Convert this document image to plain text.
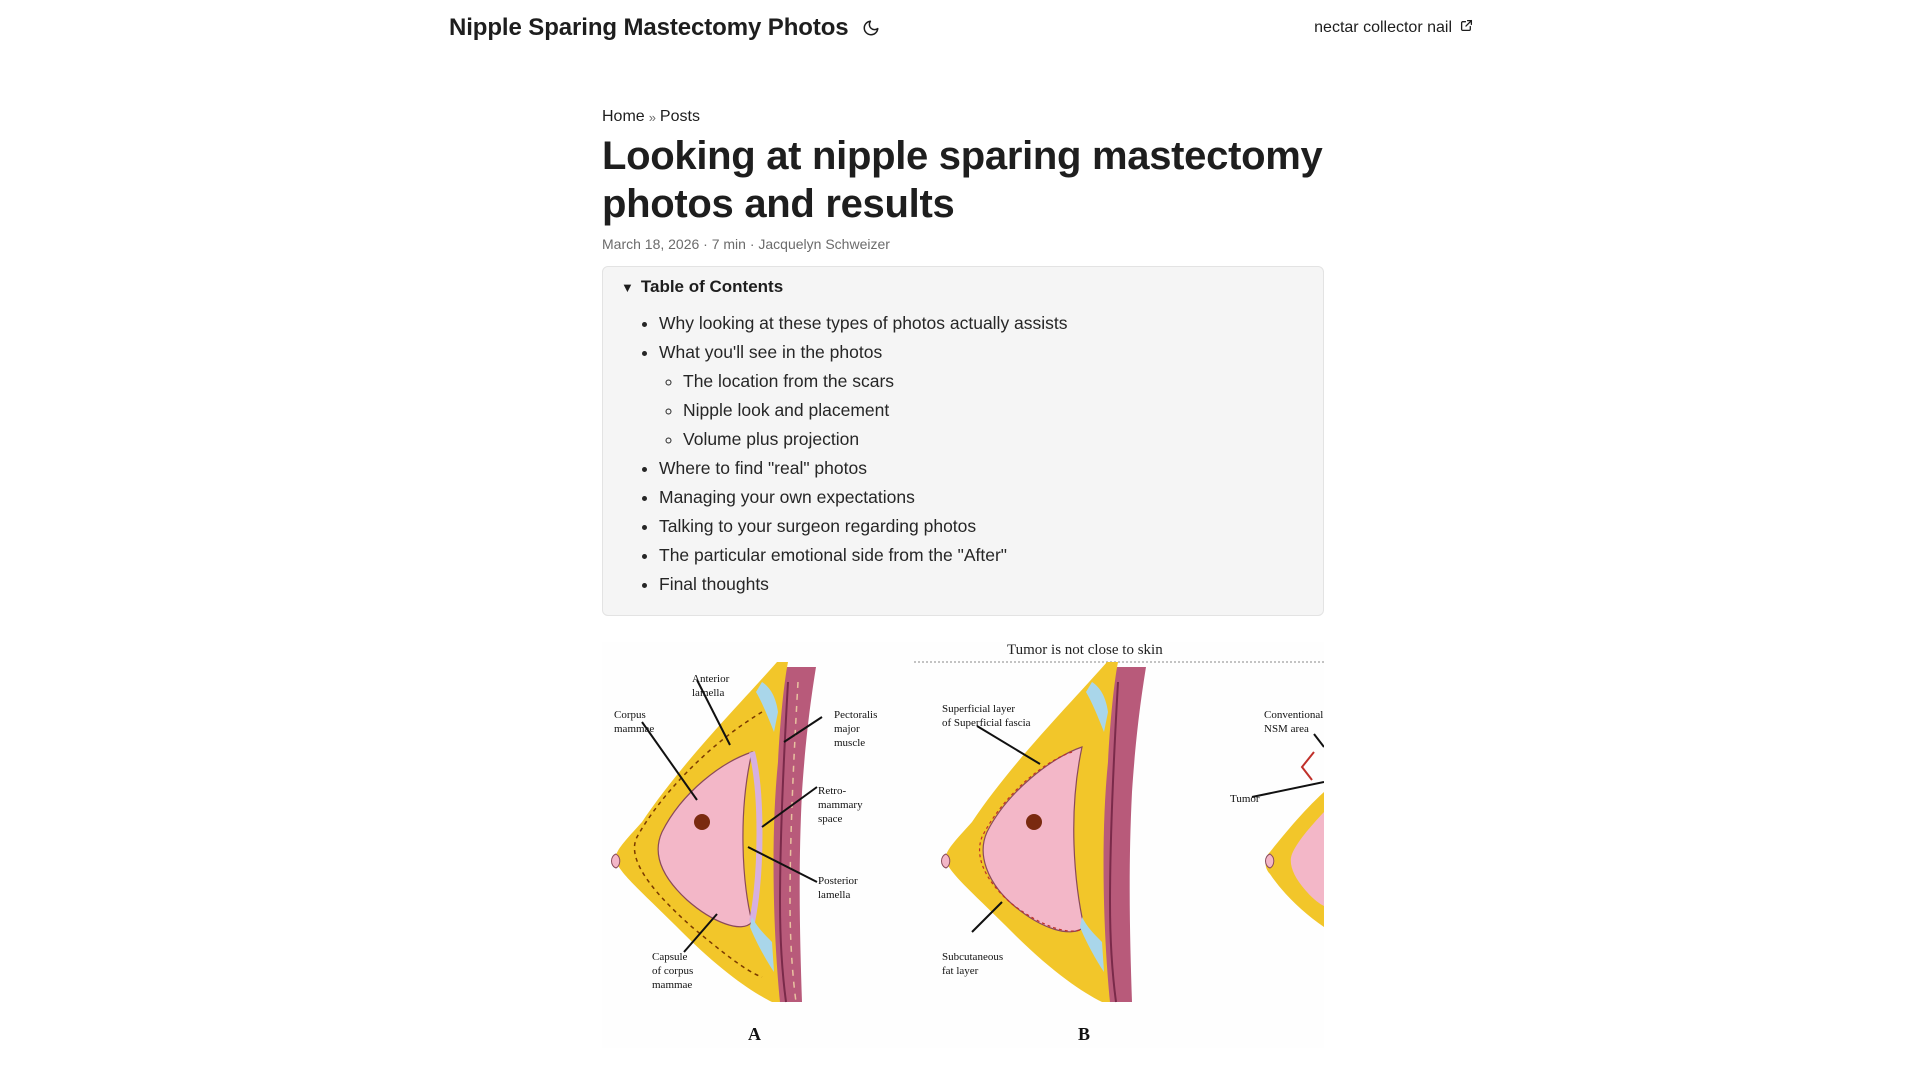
Nipple Sparing Mastectomy Photos	nectar collector nail
Home » Posts
Looking at nipple sparing mastectomy photos and results
March 18, 2026 · 7 min · Jacquelyn Schweizer
▼ Table of Contents
• Why looking at these types of photos actually assists
• What you'll see in the photos
◦ The location from the scars
◦ Nipple look and placement
◦ Volume plus projection
• Where to find "real" photos
• Managing your own expectations
• Talking to your surgeon regarding photos
• The particular emotional side from the "After"
• Final thoughts
Anterior lamella
Corpus mammae
Pectoralis major muscle
Retro-mammary space
Posterior lamella
Capsule of corpus mammae
A
Tumor is not close to skin
Superficial layer of Superficial fascia
Subcutaneous fat layer
B
Conventional NSM area
Tumor
